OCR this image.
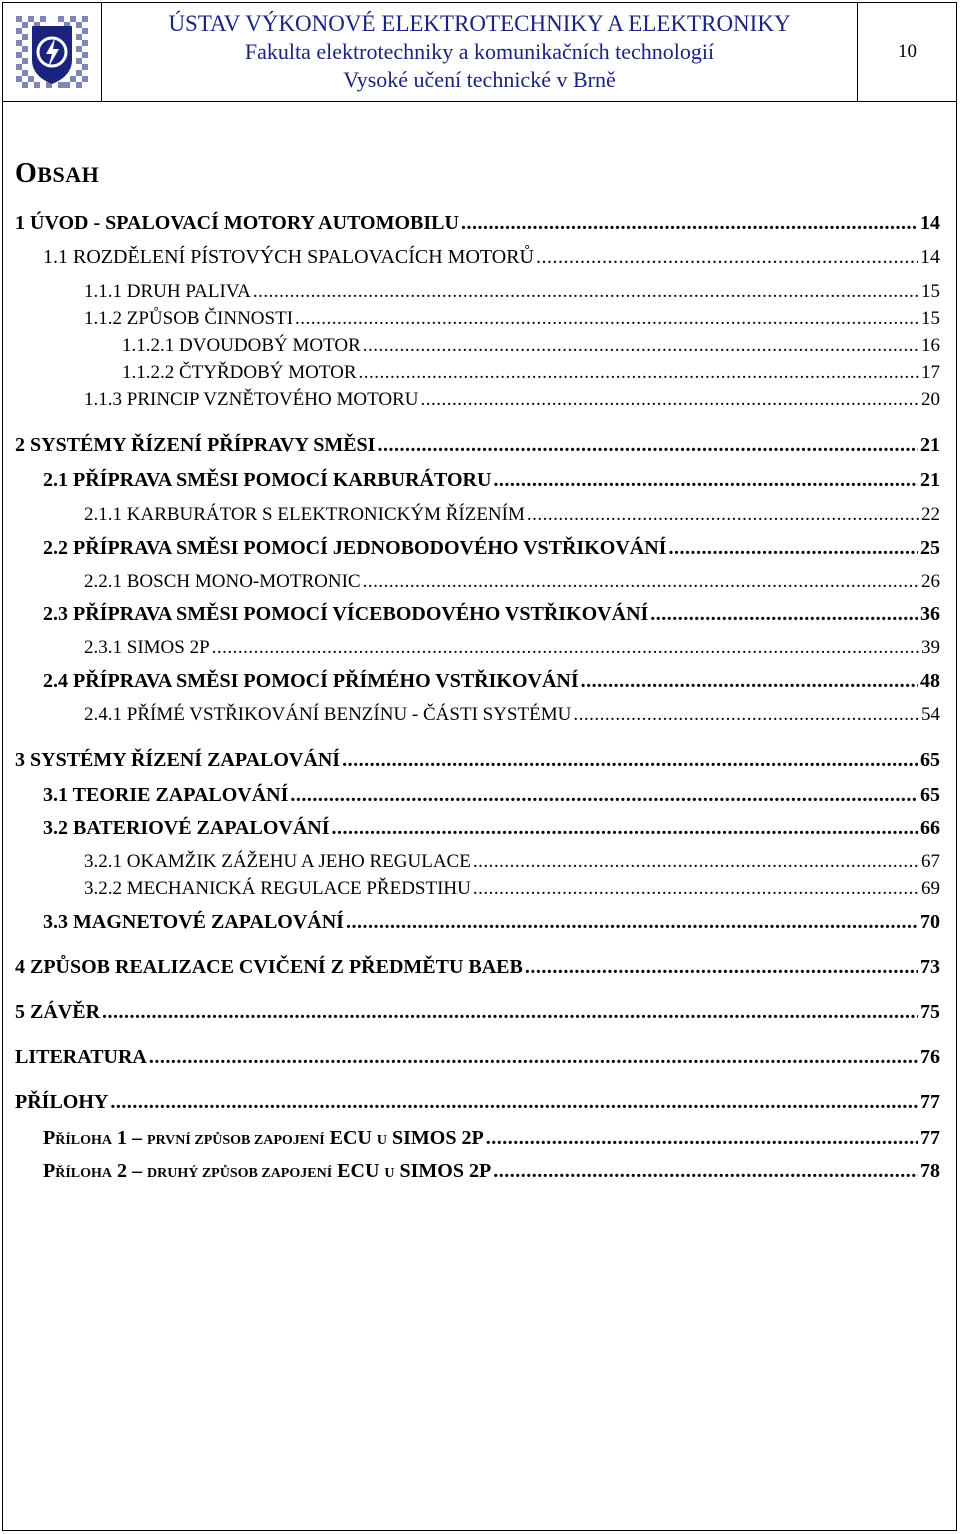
ÚSTAV VÝKONOVÉ ELEKTROTECHNIKY A ELEKTRONIKY
Fakulta elektrotechniky a komunikačních technologií
Vysoké učení technické v Brně
10
OBSAH
1 ÚVOD - SPALOVACÍ MOTORY AUTOMOBILU .....	14
1.1 ROZDĚLENÍ PÍSTOVÝCH SPALOVACÍCH MOTORŮ .....	14
1.1.1 DRUH PALIVA .....	15
1.1.2 ZPŮSOB ČINNOSTI .....	15
1.1.2.1 DVOUDOBÝ MOTOR .....	16
1.1.2.2 ČTYŘDOBÝ MOTOR .....	17
1.1.3 PRINCIP VZNĚTOVÉHO MOTORU .....	20
2 SYSTÉMY ŘÍZENÍ PŘÍPRAVY SMĚSI .....	21
2.1 PŘÍPRAVA SMĚSI POMOCÍ KARBURÁTORU .....	21
2.1.1 KARBURÁTOR S ELEKTRONICKÝM ŘÍZENÍM .....	22
2.2 PŘÍPRAVA SMĚSI POMOCÍ JEDNOBODOVÉHO VSTŘIKOVÁNÍ .....	25
2.2.1 BOSCH MONO-MOTRONIC .....	26
2.3 PŘÍPRAVA SMĚSI POMOCÍ VÍCEBODOVÉHO VSTŘIKOVÁNÍ .....	36
2.3.1 SIMOS 2P .....	39
2.4 PŘÍPRAVA SMĚSI POMOCÍ PŘÍMÉHO VSTŘIKOVÁNÍ .....	48
2.4.1 PŘÍMÉ VSTŘIKOVÁNÍ BENZÍNU - ČÁSTI SYSTÉMU .....	54
3 SYSTÉMY ŘÍZENÍ ZAPALOVÁNÍ .....	65
3.1 TEORIE ZAPALOVÁNÍ .....	65
3.2 BATERIOVÉ ZAPALOVÁNÍ .....	66
3.2.1 OKAMŽIK ZÁŽEHU A JEHO REGULACE .....	67
3.2.2 MECHANICKÁ REGULACE PŘEDSTIHU .....	69
3.3 MAGNETOVÉ ZAPALOVÁNÍ .....	70
4 ZPŮSOB REALIZACE CVIČENÍ Z PŘEDMĚTU BAEB .....	73
5 ZÁVĚR .....	75
LITERATURA .....	76
PŘÍLOHY .....	77
PŘÍLOHA 1 – PRVNÍ ZPŮSOB ZAPOJENÍ ECU U SIMOS 2P .....	77
PŘÍLOHA 2 – DRUHÝ ZPŮSOB ZAPOJENÍ ECU U SIMOS 2P .....	78
